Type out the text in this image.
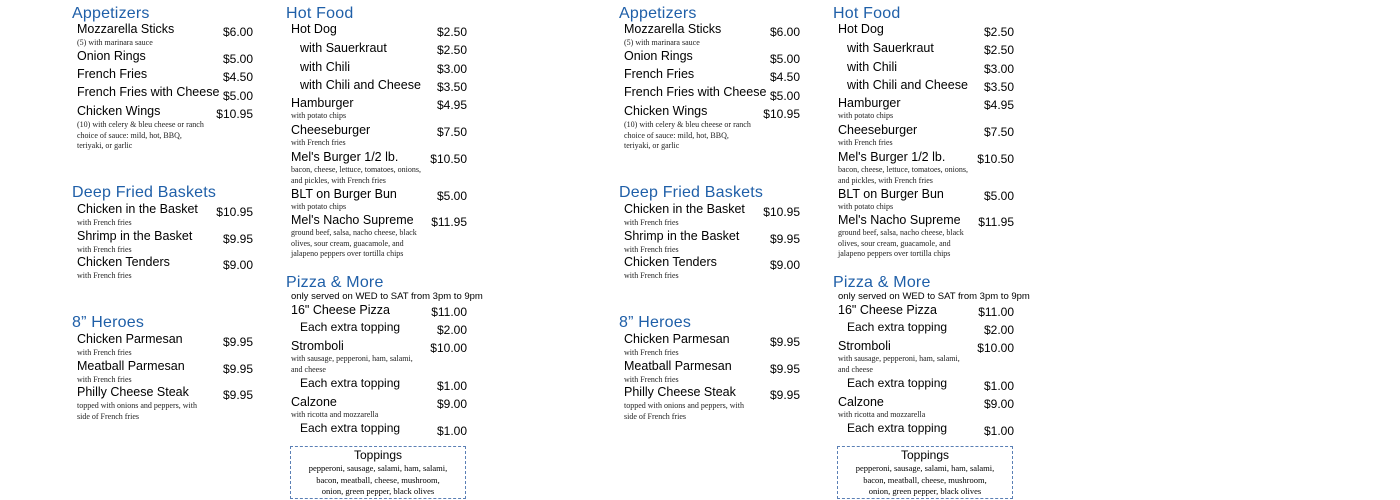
Appetizers
Mozzarella Sticks	$6.00
(5) with marinara sauce
Onion Rings	$5.00
French Fries	$4.50
French Fries with Cheese $5.00
Chicken Wings	$10.95
(10) with celery & bleu cheese or ranch choice of sauce: mild, hot, BBQ, teriyaki, or garlic
Deep Fried Baskets
Chicken in the Basket	$10.95
with French fries
Shrimp in the Basket	$9.95
with French fries
Chicken Tenders	$9.00
with French fries
8” Heroes
Chicken Parmesan	$9.95
with French fries
Meatball Parmesan	$9.95
with French fries
Philly Cheese Steak	$9.95
topped with onions and peppers, with side of French fries
Hot Food
Hot Dog	$2.50
with Sauerkraut	$2.50
with Chili	$3.00
with Chili and Cheese	$3.50
Hamburger	$4.95
with potato chips
Cheeseburger	$7.50
with French fries
Mel's Burger 1/2 lb.	$10.50
bacon, cheese, lettuce, tomatoes, onions, and pickles, with French fries
BLT on Burger Bun	$5.00
with potato chips
Mel's Nacho Supreme	$11.95
ground beef, salsa, nacho cheese, black olives, sour cream, guacamole, and jalapeno peppers over tortilla chips
Pizza & More
only served on WED to SAT from 3pm to 9pm
16" Cheese Pizza	$11.00
Each extra topping	$2.00
Stromboli	$10.00
with sausage, pepperoni, ham, salami, and cheese
Each extra topping	$1.00
Calzone	$9.00
with ricotta and mozzarella
Each extra topping	$1.00
Toppings
pepperoni, sausage, salami, ham, salami, bacon, meatball, cheese, mushroom, onion, green pepper, black olives
Appetizers
Mozzarella Sticks	$6.00
(5) with marinara sauce
Onion Rings	$5.00
French Fries	$4.50
French Fries with Cheese $5.00
Chicken Wings	$10.95
(10) with celery & bleu cheese or ranch choice of sauce: mild, hot, BBQ, teriyaki, or garlic
Deep Fried Baskets
Chicken in the Basket	$10.95
with French fries
Shrimp in the Basket	$9.95
with French fries
Chicken Tenders	$9.00
with French fries
8” Heroes
Chicken Parmesan	$9.95
with French fries
Meatball Parmesan	$9.95
with French fries
Philly Cheese Steak	$9.95
topped with onions and peppers, with side of French fries
Hot Food
Hot Dog	$2.50
with Sauerkraut	$2.50
with Chili	$3.00
with Chili and Cheese	$3.50
Hamburger	$4.95
with potato chips
Cheeseburger	$7.50
with French fries
Mel's Burger 1/2 lb.	$10.50
bacon, cheese, lettuce, tomatoes, onions, and pickles, with French fries
BLT on Burger Bun	$5.00
with potato chips
Mel's Nacho Supreme	$11.95
ground beef, salsa, nacho cheese, black olives, sour cream, guacamole, and jalapeno peppers over tortilla chips
Pizza & More
only served on WED to SAT from 3pm to 9pm
16" Cheese Pizza	$11.00
Each extra topping	$2.00
Stromboli	$10.00
with sausage, pepperoni, ham, salami, and cheese
Each extra topping	$1.00
Calzone	$9.00
with ricotta and mozzarella
Each extra topping	$1.00
Toppings
pepperoni, sausage, salami, ham, salami, bacon, meatball, cheese, mushroom, onion, green pepper, black olives
